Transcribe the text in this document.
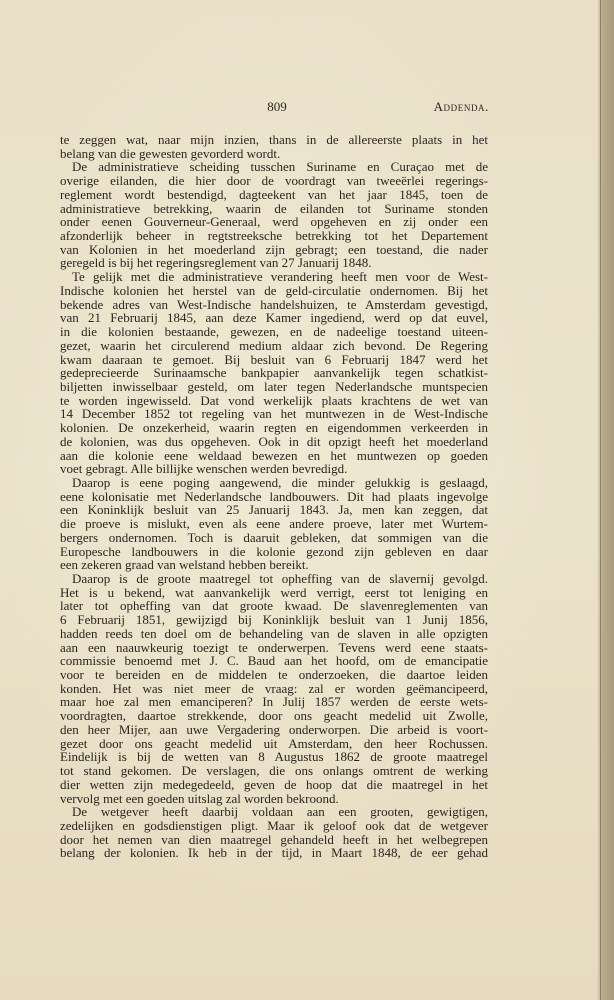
809	Addenda.
te zeggen wat, naar mijn inzien, thans in de allereerste plaats in het
belang van die gewesten gevorderd wordt.
De administratieve scheiding tusschen Suriname en Curaçao met de
overige eilanden, die hier door de voordragt van tweeërlei regerings-
reglement wordt bestendigd, dagteekent van het jaar 1845, toen de
administratieve betrekking, waarin de eilanden tot Suriname stonden
onder eenen Gouverneur-Generaal, werd opgeheven en zij onder een
afzonderlijk beheer in regtstreeksche betrekking tot het Departement
van Kolonien in het moederland zijn gebragt; een toestand, die nader
geregeld is bij het regeringsreglement van 27 Januarij 1848.
Te gelijk met die administratieve verandering heeft men voor de West-
Indische kolonien het herstel van de geld-circulatie ondernomen. Bij het
bekende adres van West-Indische handelshuizen, te Amsterdam gevestigd,
van 21 Februarij 1845, aan deze Kamer ingediend, werd op dat euvel,
in die kolonien bestaande, gewezen, en de nadeelige toestand uiteen-
gezet, waarin het circulerend medium aldaar zich bevond. De Regering
kwam daaraan te gemoet. Bij besluit van 6 Februarij 1847 werd het
gedeprecieerde Surinaamsche bankpapier aanvankelijk tegen schatkist-
biljetten inwisselbaar gesteld, om later tegen Nederlandsche muntspecien
te worden ingewisseld. Dat vond werkelijk plaats krachtens de wet van
14 December 1852 tot regeling van het muntwezen in de West-Indische
kolonien. De onzekerheid, waarin regten en eigendommen verkeerden in
de kolonien, was dus opgeheven. Ook in dit opzigt heeft het moederland
aan die kolonie eene weldaad bewezen en het muntwezen op goeden
voet gebragt. Alle billijke wenschen werden bevredigd.
Daarop is eene poging aangewend, die minder gelukkig is geslaagd,
eene kolonisatie met Nederlandsche landbouwers. Dit had plaats ingevolge
een Koninklijk besluit van 25 Januarij 1843. Ja, men kan zeggen, dat
die proeve is mislukt, even als eene andere proeve, later met Wurtem-
bergers ondernomen. Toch is daaruit gebleken, dat sommigen van die
Europesche landbouwers in die kolonie gezond zijn gebleven en daar
een zekeren graad van welstand hebben bereikt.
Daarop is de groote maatregel tot opheffing van de slavernij gevolgd.
Het is u bekend, wat aanvankelijk werd verrigt, eerst tot leniging en
later tot opheffing van dat groote kwaad. De slavenreglementen van
6 Februarij 1851, gewijzigd bij Koninklijk besluit van 1 Junij 1856,
hadden reeds ten doel om de behandeling van de slaven in alle opzigten
aan een naauwkeurig toezigt te onderwerpen. Tevens werd eene staats-
commissie benoemd met J. C. Baud aan het hoofd, om de emancipatie
voor te bereiden en de middelen te onderzoeken, die daartoe leiden
konden. Het was niet meer de vraag: zal er worden geëmancipeerd,
maar hoe zal men emanciperen? In Julij 1857 werden de eerste wets-
voordragten, daartoe strekkende, door ons geacht medelid uit Zwolle,
den heer Mijer, aan uwe Vergadering onderworpen. Die arbeid is voort-
gezet door ons geacht medelid uit Amsterdam, den heer Rochussen.
Eindelijk is bij de wetten van 8 Augustus 1862 de groote maatregel
tot stand gekomen. De verslagen, die ons onlangs omtrent de werking
dier wetten zijn medegedeeld, geven de hoop dat die maatregel in het
vervolg met een goeden uitslag zal worden bekroond.
De wetgever heeft daarbij voldaan aan een grooten, gewigtigen,
zedelijken en godsdienstigen pligt. Maar ik geloof ook dat de wetgever
door het nemen van dien maatregel gehandeld heeft in het welbegrepen
belang der kolonien. Ik heb in der tijd, in Maart 1848, de eer gehad
